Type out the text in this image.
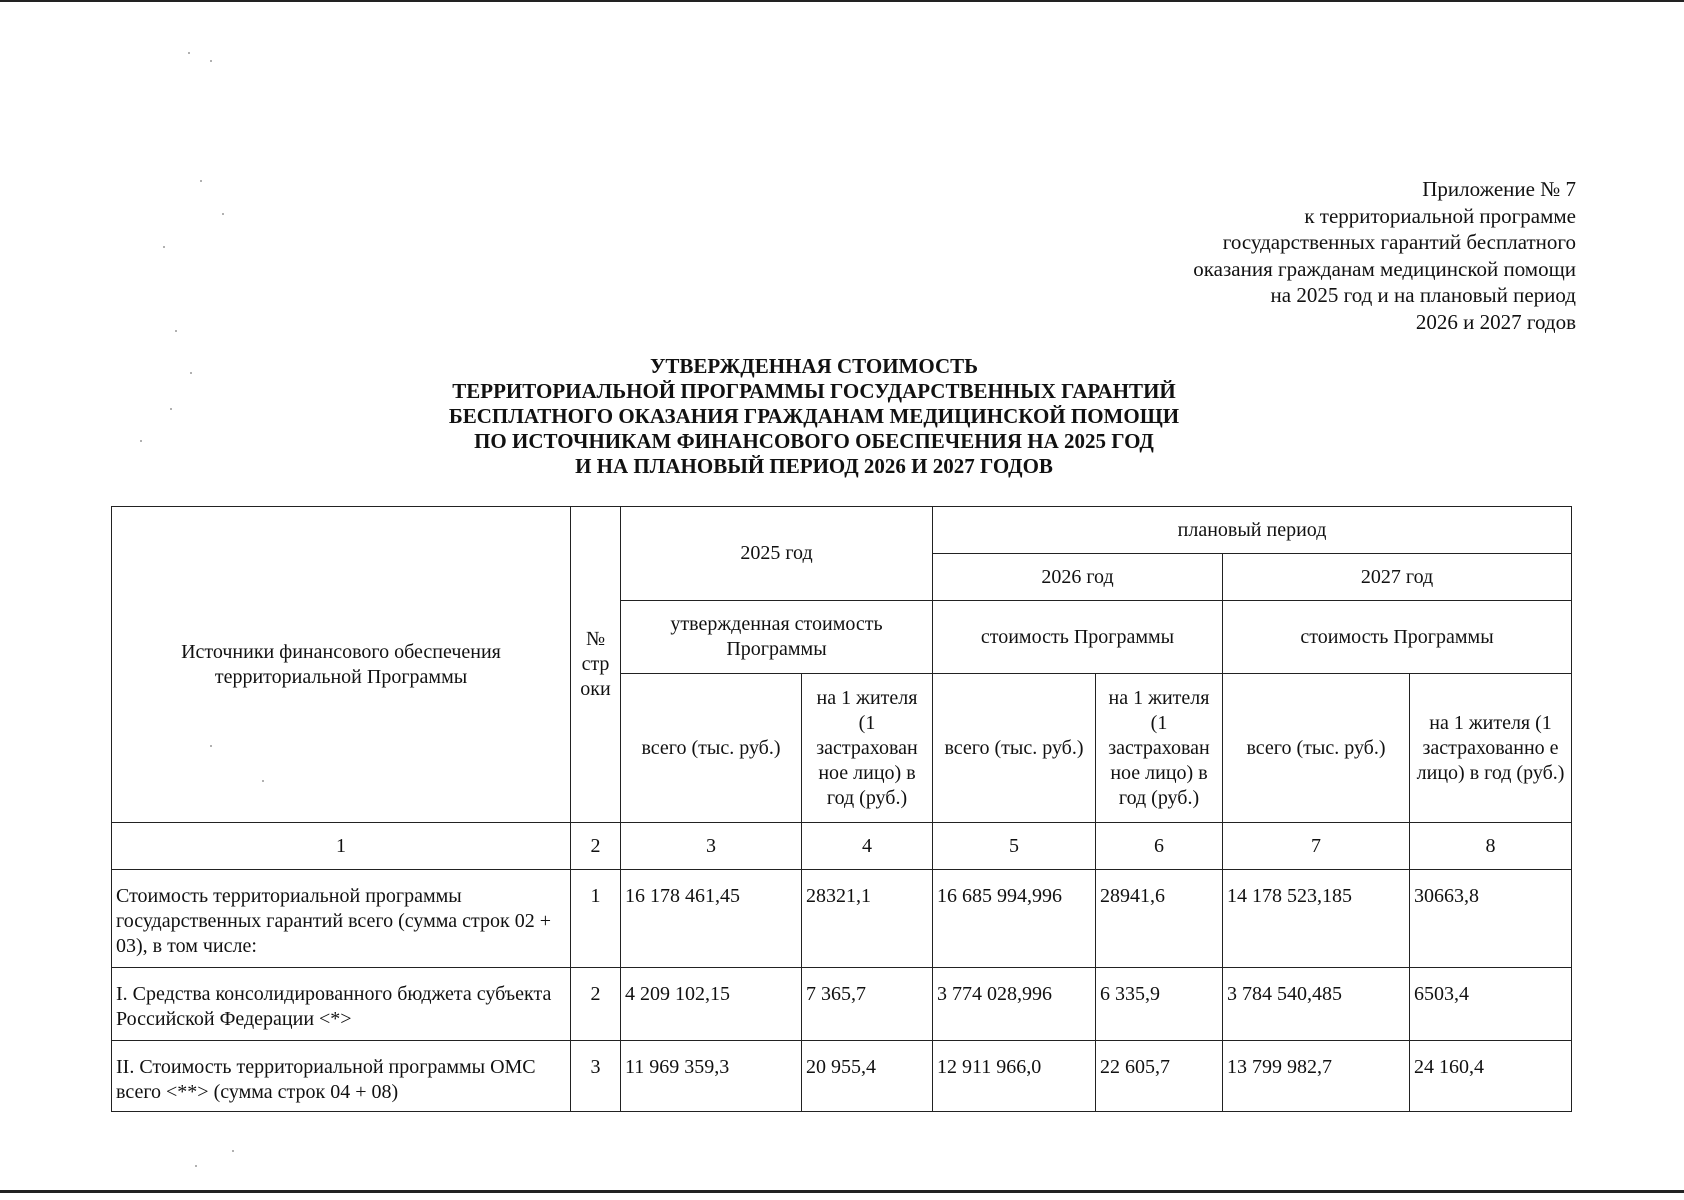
Приложение № 7
к территориальной программе
государственных гарантий бесплатного
оказания гражданам медицинской помощи
на 2025 год и на плановый период
2026 и 2027 годов
УТВЕРЖДЕННАЯ СТОИМОСТЬ
ТЕРРИТОРИАЛЬНОЙ ПРОГРАММЫ ГОСУДАРСТВЕННЫХ ГАРАНТИЙ
БЕСПЛАТНОГО ОКАЗАНИЯ ГРАЖДАНАМ МЕДИЦИНСКОЙ ПОМОЩИ
ПО ИСТОЧНИКАМ ФИНАНСОВОГО ОБЕСПЕЧЕНИЯ НА 2025 ГОД
И НА ПЛАНОВЫЙ ПЕРИОД 2026 И 2027 ГОДОВ
Источники финансового обеспечения территориальной Программы	№ стр оки	2025 год		плановый период			
				2026 год		2027 год	
		утвержденная стоимость Программы		стоимость Программы		стоимость Программы	
		всего (тыс. руб.)	на 1 жителя (1 застрахован ное лицо) в год (руб.)	всего (тыс. руб.)	на 1 жителя (1 застрахован ное лицо) в год (руб.)	всего (тыс. руб.)	на 1 жителя (1 застрахованно е лицо) в год (руб.)

1	2	3	4	5	6	7	8
Стоимость территориальной программы государственных гарантий всего (сумма строк 02 + 03), в том числе:	1	16 178 461,45	28321,1	16 685 994,996	28941,6	14 178 523,185	30663,8
I. Средства консолидированного бюджета субъекта Российской Федерации <*>	2	4 209 102,15	7 365,7	3 774 028,996	6 335,9	3 784 540,485	6503,4
II. Стоимость территориальной программы ОМС всего <**> (сумма строк 04 + 08)	3	11 969 359,3	20 955,4	12 911 966,0	22 605,7	13 799 982,7	24 160,4
